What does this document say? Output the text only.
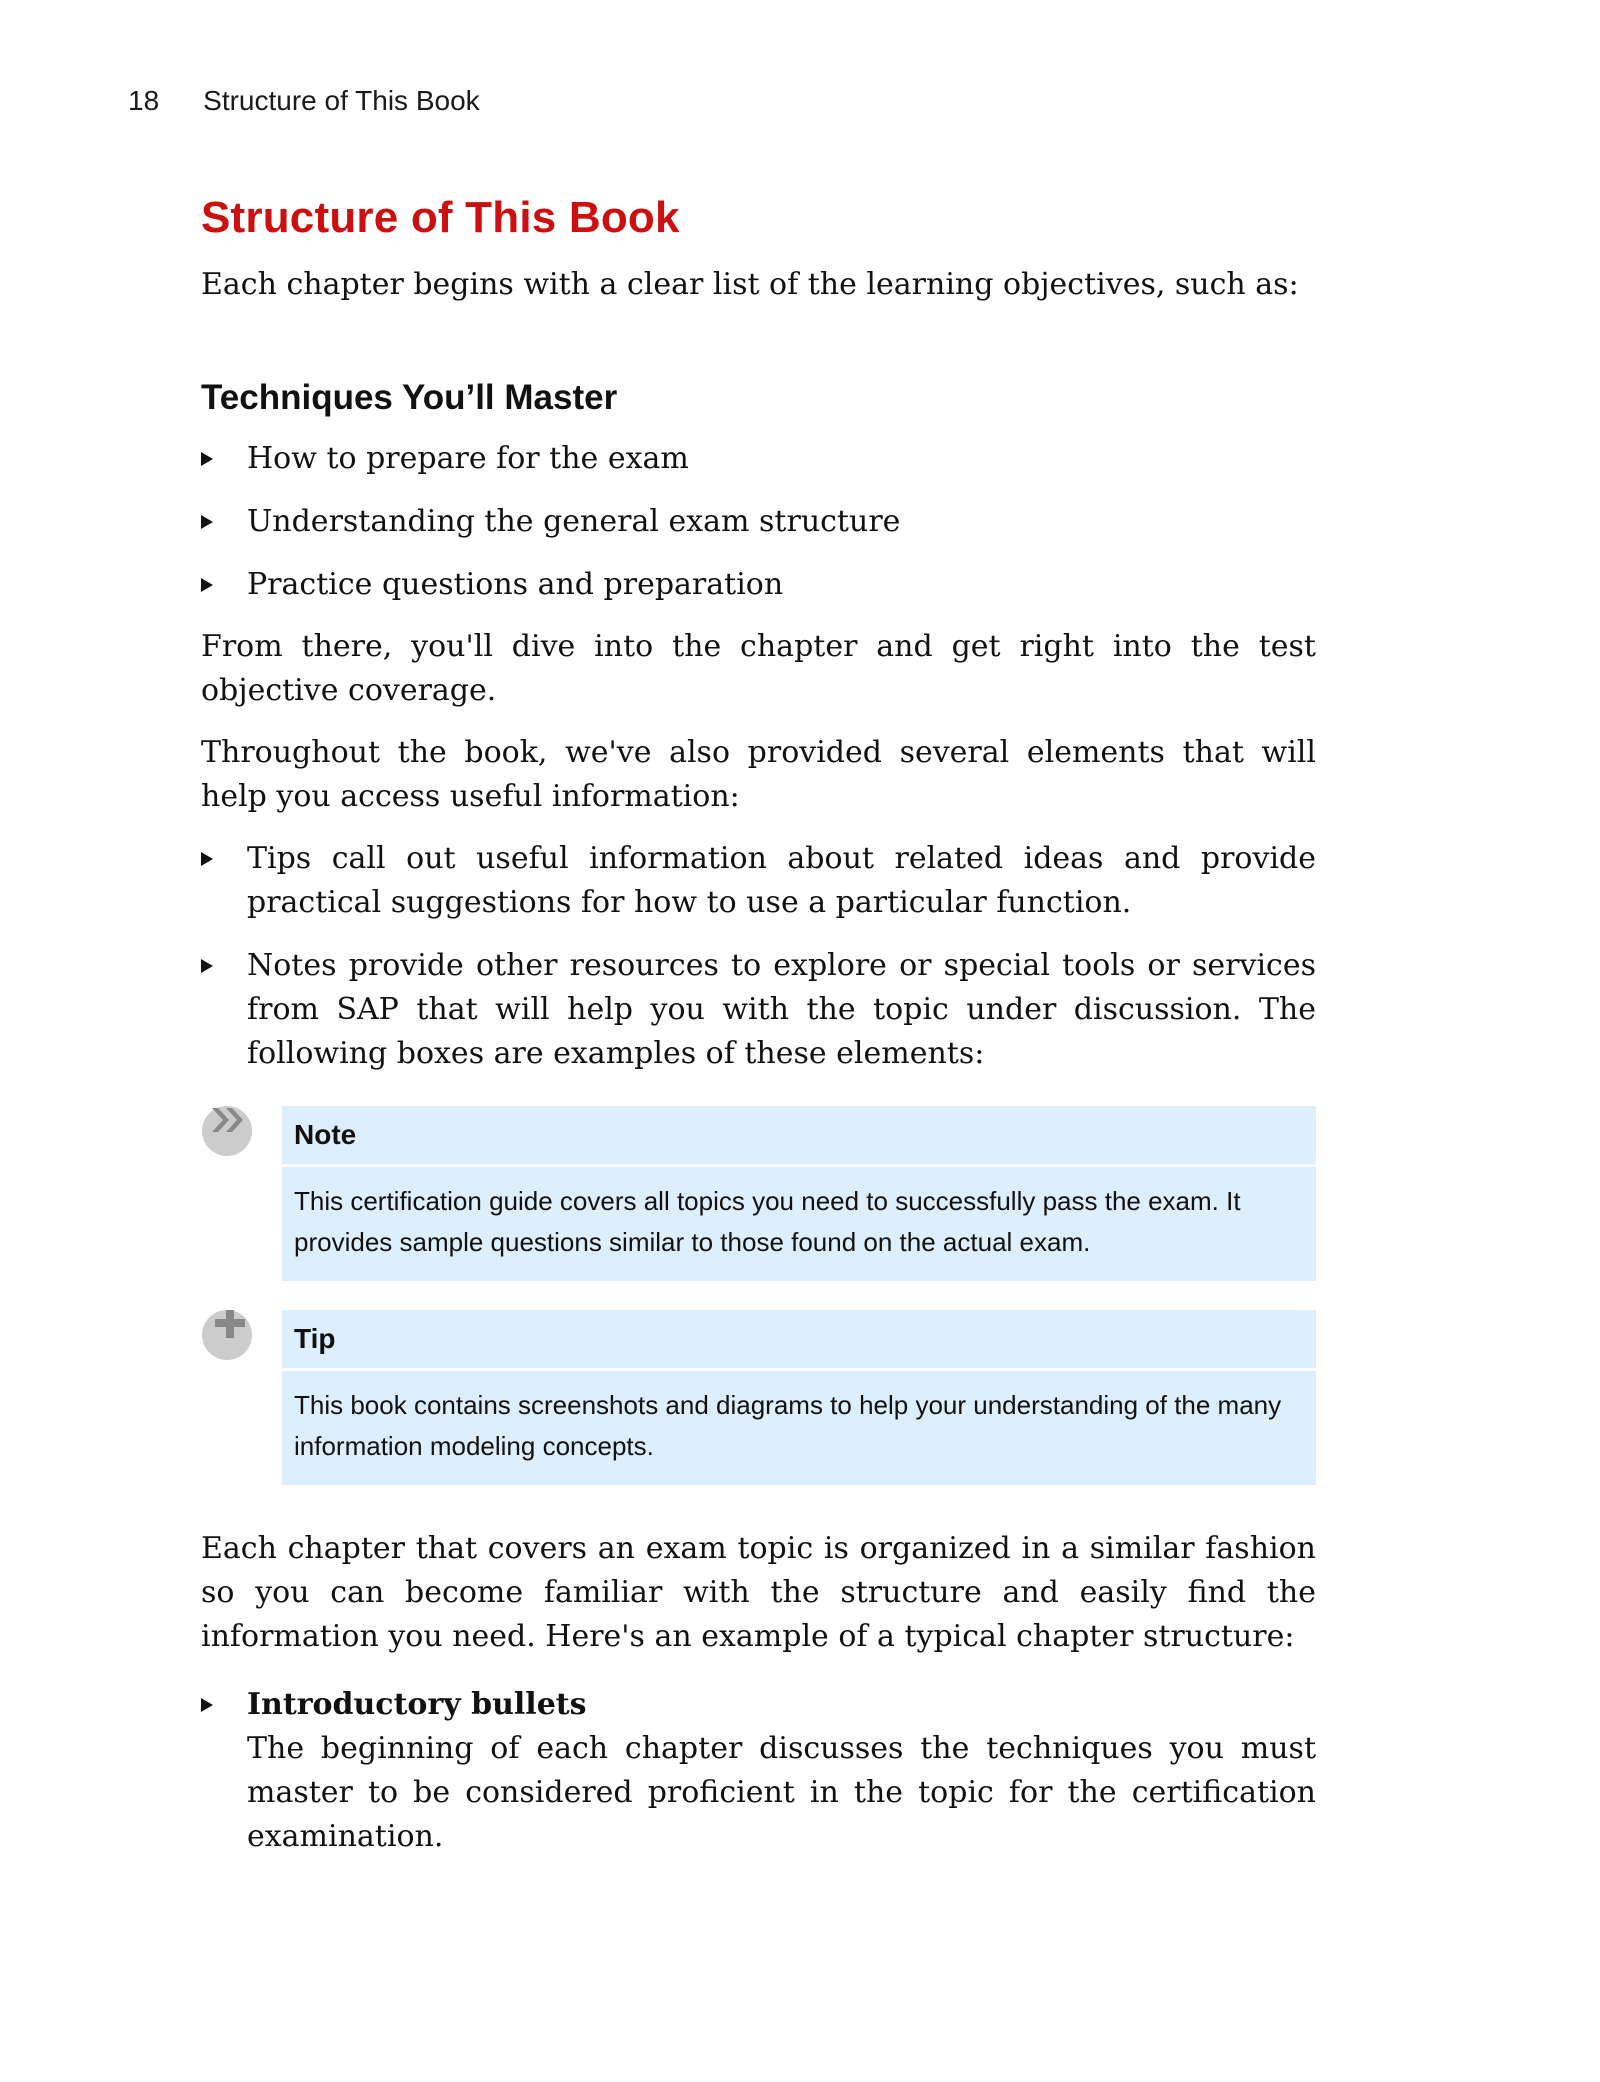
18 Structure of This Book
Structure of This Book

Each chapter begins with a clear list of the learning objectives, such as:

Techniques You’ll Master
How to prepare for the exam
Understanding the general exam structure
Practice questions and preparation

From there, you'll dive into the chapter and get right into the test objective coverage.

Throughout the book, we've also provided several elements that will help you access useful information:

Tips call out useful information about related ideas and provide practical suggestions for how to use a particular function.
Notes provide other resources to explore or special tools or services from SAP that will help you with the topic under discussion. The following boxes are examples of these elements:
Note
This certification guide covers all topics you need to successfully pass the exam. It provides sample questions similar to those found on the actual exam.
Tip
This book contains screenshots and diagrams to help your understanding of the many information modeling concepts.

Each chapter that covers an exam topic is organized in a similar fashion so you can become familiar with the structure and easily find the information you need. Here's an example of a typical chapter structure:

Introductory bullets
The beginning of each chapter discusses the techniques you must master to be considered proficient in the topic for the certification examination.
